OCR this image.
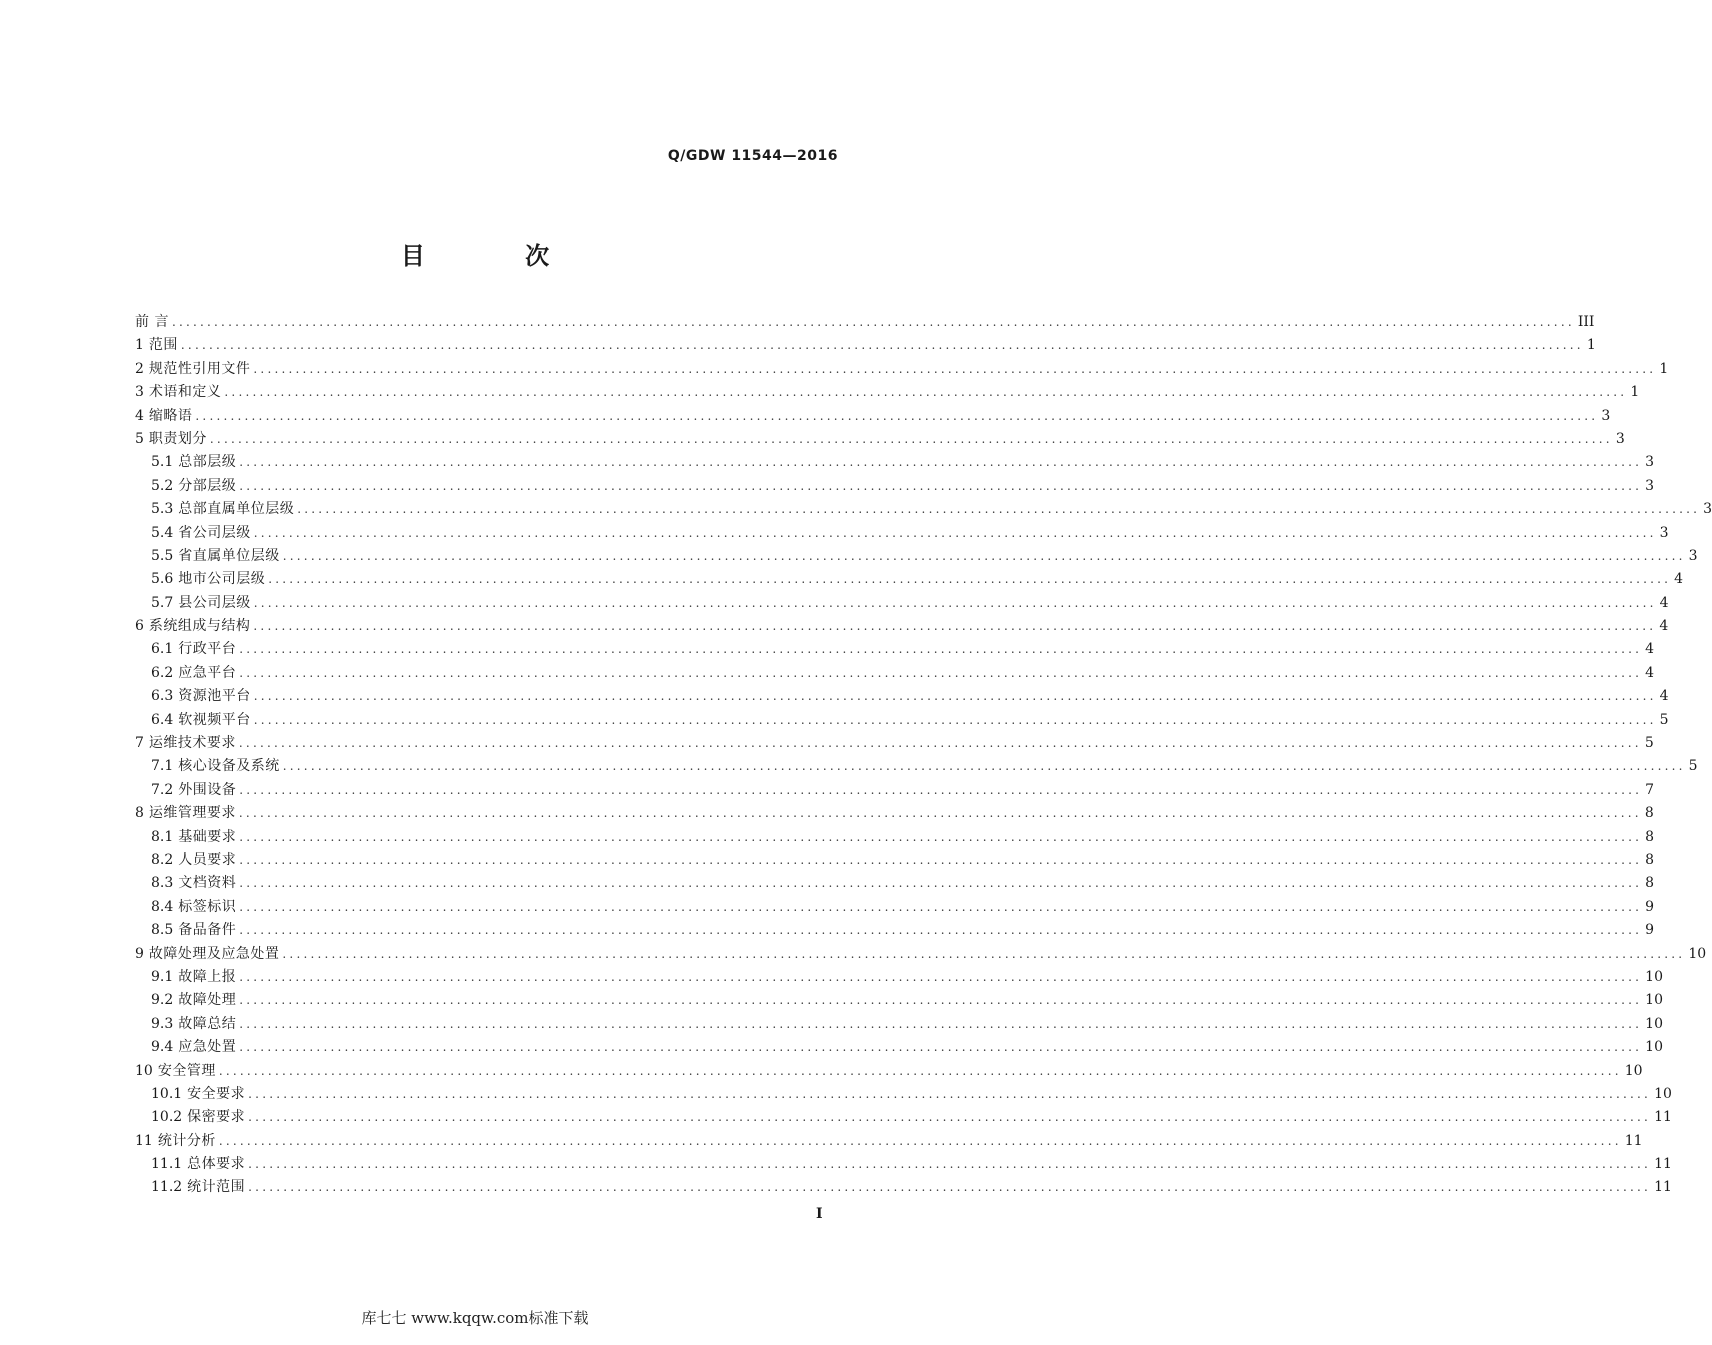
Q/GDW 11544—2016
目 次
前 言 ........................................................................................................................................................................................................ III
1 范围 ........................................................................................................................................................................................................ 1
2 规范性引用文件 ........................................................................................................................................................................................................ 1
3 术语和定义 ........................................................................................................................................................................................................ 1
4 缩略语 ........................................................................................................................................................................................................ 3
5 职责划分 ........................................................................................................................................................................................................ 3
5.1 总部层级 ........................................................................................................................................................................................................ 3
5.2 分部层级 ........................................................................................................................................................................................................ 3
5.3 总部直属单位层级 ........................................................................................................................................................................................................ 3
5.4 省公司层级 ........................................................................................................................................................................................................ 3
5.5 省直属单位层级 ........................................................................................................................................................................................................ 3
5.6 地市公司层级 ........................................................................................................................................................................................................ 4
5.7 县公司层级 ........................................................................................................................................................................................................ 4
6 系统组成与结构 ........................................................................................................................................................................................................ 4
6.1 行政平台 ........................................................................................................................................................................................................ 4
6.2 应急平台 ........................................................................................................................................................................................................ 4
6.3 资源池平台 ........................................................................................................................................................................................................ 4
6.4 软视频平台 ........................................................................................................................................................................................................ 5
7 运维技术要求 ........................................................................................................................................................................................................ 5
7.1 核心设备及系统 ........................................................................................................................................................................................................ 5
7.2 外围设备 ........................................................................................................................................................................................................ 7
8 运维管理要求 ........................................................................................................................................................................................................ 8
8.1 基础要求 ........................................................................................................................................................................................................ 8
8.2 人员要求 ........................................................................................................................................................................................................ 8
8.3 文档资料 ........................................................................................................................................................................................................ 8
8.4 标签标识 ........................................................................................................................................................................................................ 9
8.5 备品备件 ........................................................................................................................................................................................................ 9
9 故障处理及应急处置 ........................................................................................................................................................................................................ 10
9.1 故障上报 ........................................................................................................................................................................................................ 10
9.2 故障处理 ........................................................................................................................................................................................................ 10
9.3 故障总结 ........................................................................................................................................................................................................ 10
9.4 应急处置 ........................................................................................................................................................................................................ 10
10 安全管理 ........................................................................................................................................................................................................ 10
10.1 安全要求 ........................................................................................................................................................................................................ 10
10.2 保密要求 ........................................................................................................................................................................................................ 11
11 统计分析 ........................................................................................................................................................................................................ 11
11.1 总体要求 ........................................................................................................................................................................................................ 11
11.2 统计范围 ........................................................................................................................................................................................................ 11
I
库七七 www.kqqw.com标准下载
